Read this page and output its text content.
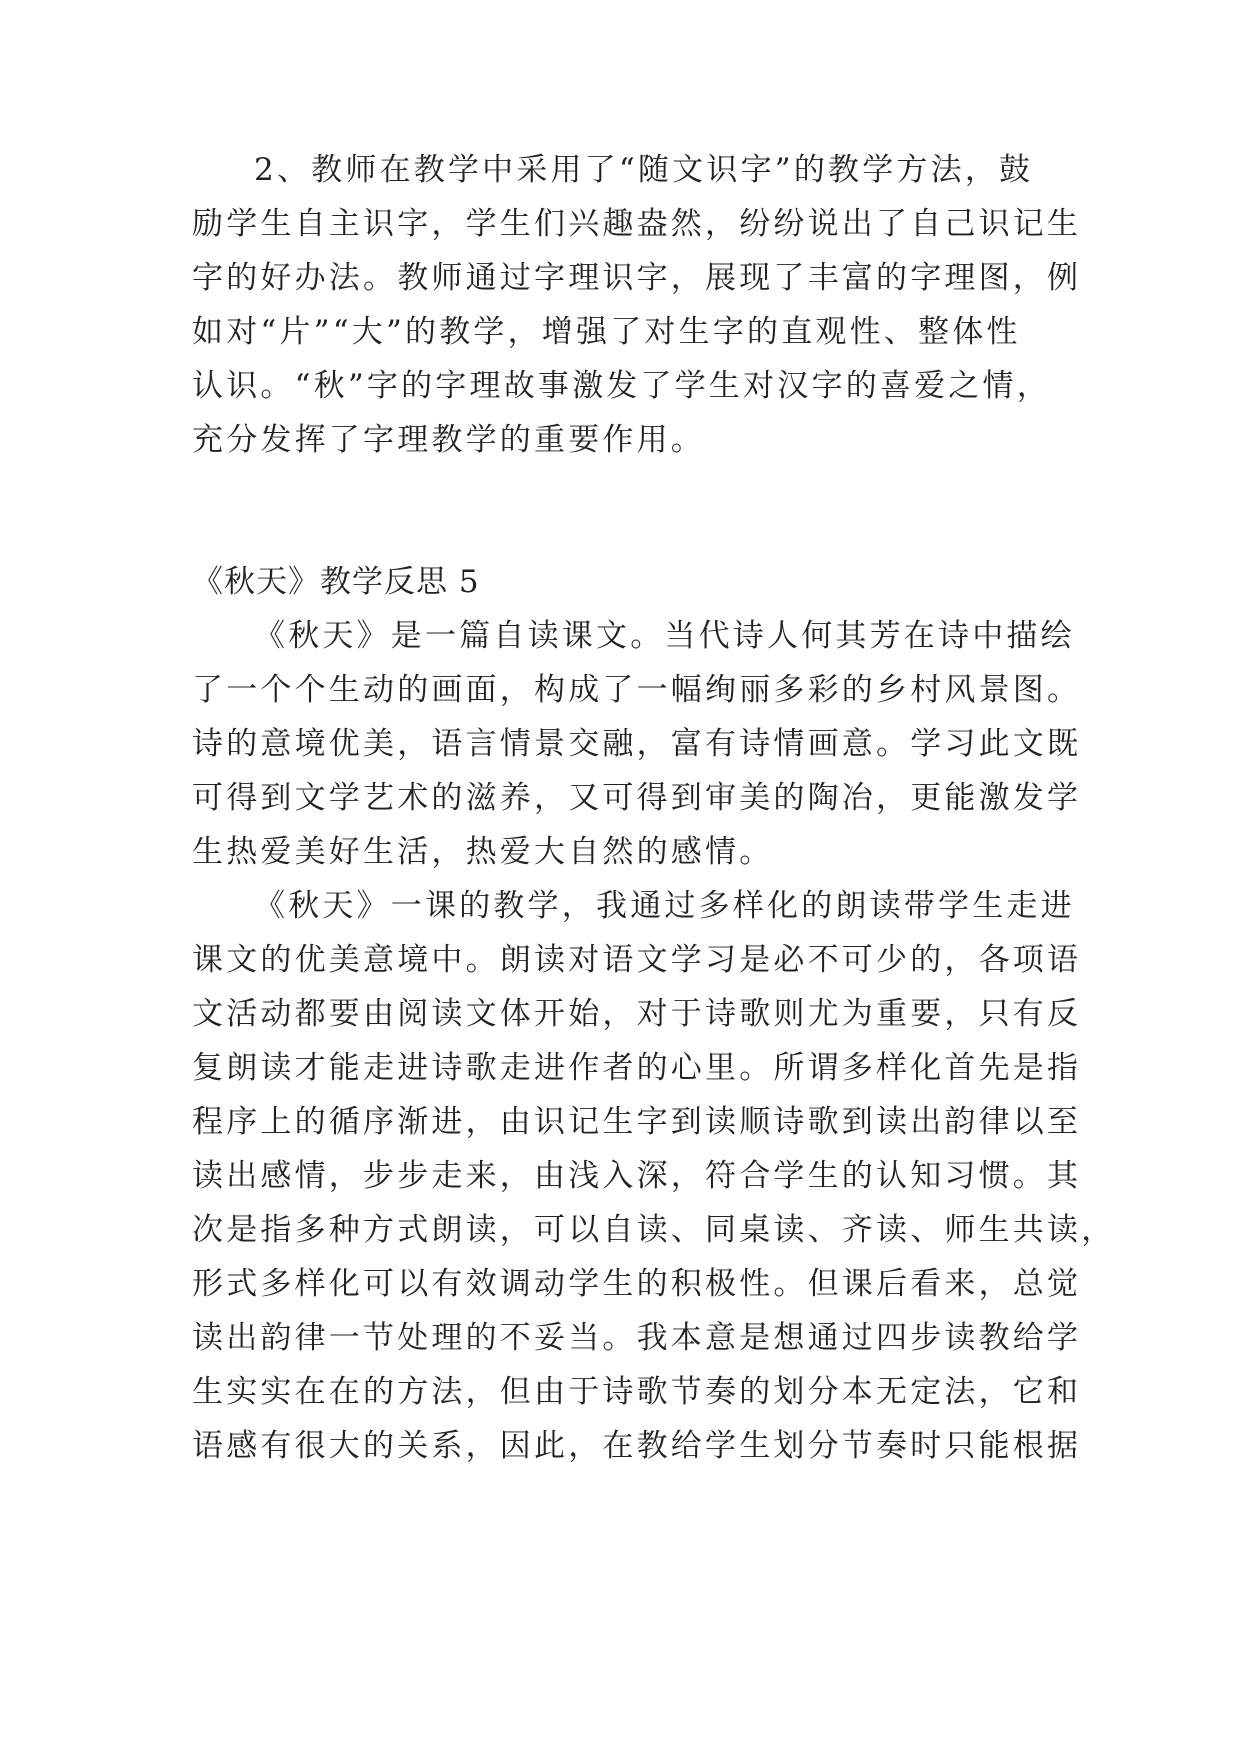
2、教师在教学中采用了“随文识字”的教学方法，鼓
励学生自主识字，学生们兴趣盎然，纷纷说出了自己识记生
字的好办法。教师通过字理识字，展现了丰富的字理图，例
如对“片”“大”的教学，增强了对生字的直观性、整体性
认识。“秋”字的字理故事激发了学生对汉字的喜爱之情，
充分发挥了字理教学的重要作用。
《秋天》教学反思 5
《秋天》是一篇自读课文。当代诗人何其芳在诗中描绘
了一个个生动的画面，构成了一幅绚丽多彩的乡村风景图。
诗的意境优美，语言情景交融，富有诗情画意。学习此文既
可得到文学艺术的滋养，又可得到审美的陶冶，更能激发学
生热爱美好生活，热爱大自然的感情。
《秋天》一课的教学，我通过多样化的朗读带学生走进
课文的优美意境中。朗读对语文学习是必不可少的，各项语
文活动都要由阅读文体开始，对于诗歌则尤为重要，只有反
复朗读才能走进诗歌走进作者的心里。所谓多样化首先是指
程序上的循序渐进，由识记生字到读顺诗歌到读出韵律以至
读出感情，步步走来，由浅入深，符合学生的认知习惯。其
次是指多种方式朗读，可以自读、同桌读、齐读、师生共读，
形式多样化可以有效调动学生的积极性。但课后看来，总觉
读出韵律一节处理的不妥当。我本意是想通过四步读教给学
生实实在在的方法，但由于诗歌节奏的划分本无定法，它和
语感有很大的关系，因此，在教给学生划分节奏时只能根据
